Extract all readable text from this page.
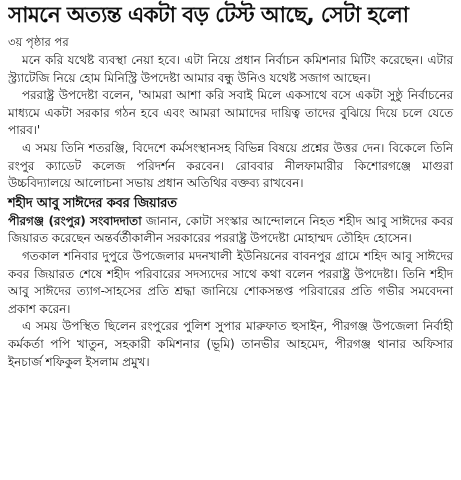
সামনে অত্যন্ত একটা বড় টেস্ট আছে, সেটা হলো
৩য় পৃষ্ঠার পর

মনে করি যথেষ্ট ব্যবস্থা নেয়া হবে। এটা নিয়ে প্রধান নির্বাচন কমিশনার মিটিং করেছেন। এটার স্ট্র্যাটেজি নিয়ে হোম মিনিস্ট্রি উপদেষ্টা আমার বন্ধু উনিও যথেষ্ট সজাগ আছেন।

পররাষ্ট্র উপদেষ্টা বলেন, 'আমরা আশা করি সবাই মিলে একসাথে বসে একটা সুষ্ঠু নির্বাচনের মাধ্যমে একটা সরকার গঠন হবে এবং আমরা আমাদের দায়িত্ব তাদের বুঝিয়ে দিয়ে চলে যেতে পারব।'

এ সময় তিনি শতরঞ্জি, বিদেশে কর্মসংস্থানসহ বিভিন্ন বিষয়ে প্রশ্নের উত্তর দেন। বিকেলে তিনি রংপুর ক্যাডেট কলেজ পরিদর্শন করবেন। রোববার নীলফামারীর কিশোরগঞ্জে মাগুরা উচ্চবিদ্যালয়ে আলোচনা সভায় প্রধান অতিথির বক্তব্য রাখবেন।

শহীদ আবু সাঈদের কবর জিয়ারত

পীরগঞ্জ (রংপুর) সংবাদদাতা জানান, কোটা সংস্কার আন্দোলনে নিহত শহীদ আবু সাঈদের কবর জিয়ারত করেছেন অন্তর্বর্তীকালীন সরকারের পররাষ্ট্র উপদেষ্টা মোহাম্মদ তৌহিদ হোসেন।

গতকাল শনিবার দুপুরে উপজেলার মদনখালী ইউনিয়নের বাবনপুর গ্রামে শহিদ আবু সাঈদের কবর জিয়ারত শেষে শহীদ পরিবারের সদস্যদের সাথে কথা বলেন পররাষ্ট্র উপদেষ্টা। তিনি শহীদ আবু সাঈদের ত্যাগ-সাহসের প্রতি শ্রদ্ধা জানিয়ে শোকসন্তপ্ত পরিবারের প্রতি গভীর সমবেদনা প্রকাশ করেন।

এ সময় উপস্থিত ছিলেন রংপুরের পুলিশ সুপার মারুফাত হুসাইন, পীরগঞ্জ উপজেলা নির্বাহী কর্মকর্তা পপি খাতুন, সহকারী কমিশনার (ভূমি) তানভীর আহমেদ, পীরগঞ্জ থানার অফিসার ইনচার্জ শফিকুল ইসলাম প্রমুখ।
